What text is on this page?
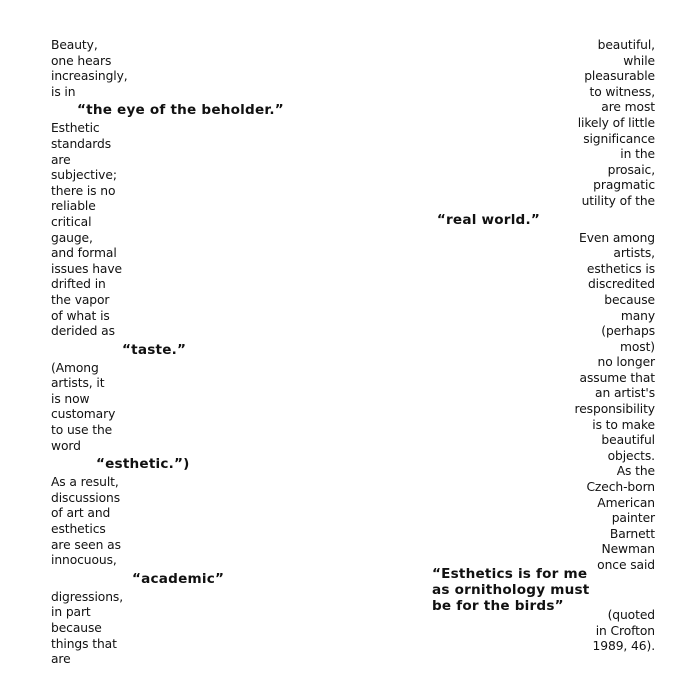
Beauty,
one hears
increasingly,
is in
“the eye of the beholder.”
Esthetic
standards
are
subjective;
there is no
reliable
critical
gauge,
and formal
issues have
drifted in
the vapor
of what is
derided as
“taste.”
(Among
artists, it
is now
customary
to use the
word
“esthetic.”)
As a result,
discussions
of art and
esthetics
are seen as
innocuous,
“academic”
digressions,
in part
because
things that
are
beautiful,
while
pleasurable
to witness,
are most
likely of little
significance
in the
prosaic,
pragmatic
utility of the
“real world.”
Even among
artists,
esthetics is
discredited
because
many
(perhaps
most)
no longer
assume that
an artist's
responsibility
is to make
beautiful
objects.
As the
Czech-born
American
painter
Barnett
Newman
once said
“Esthetics is for me
as ornithology must
be for the birds”
(quoted
in Crofton
1989, 46).
